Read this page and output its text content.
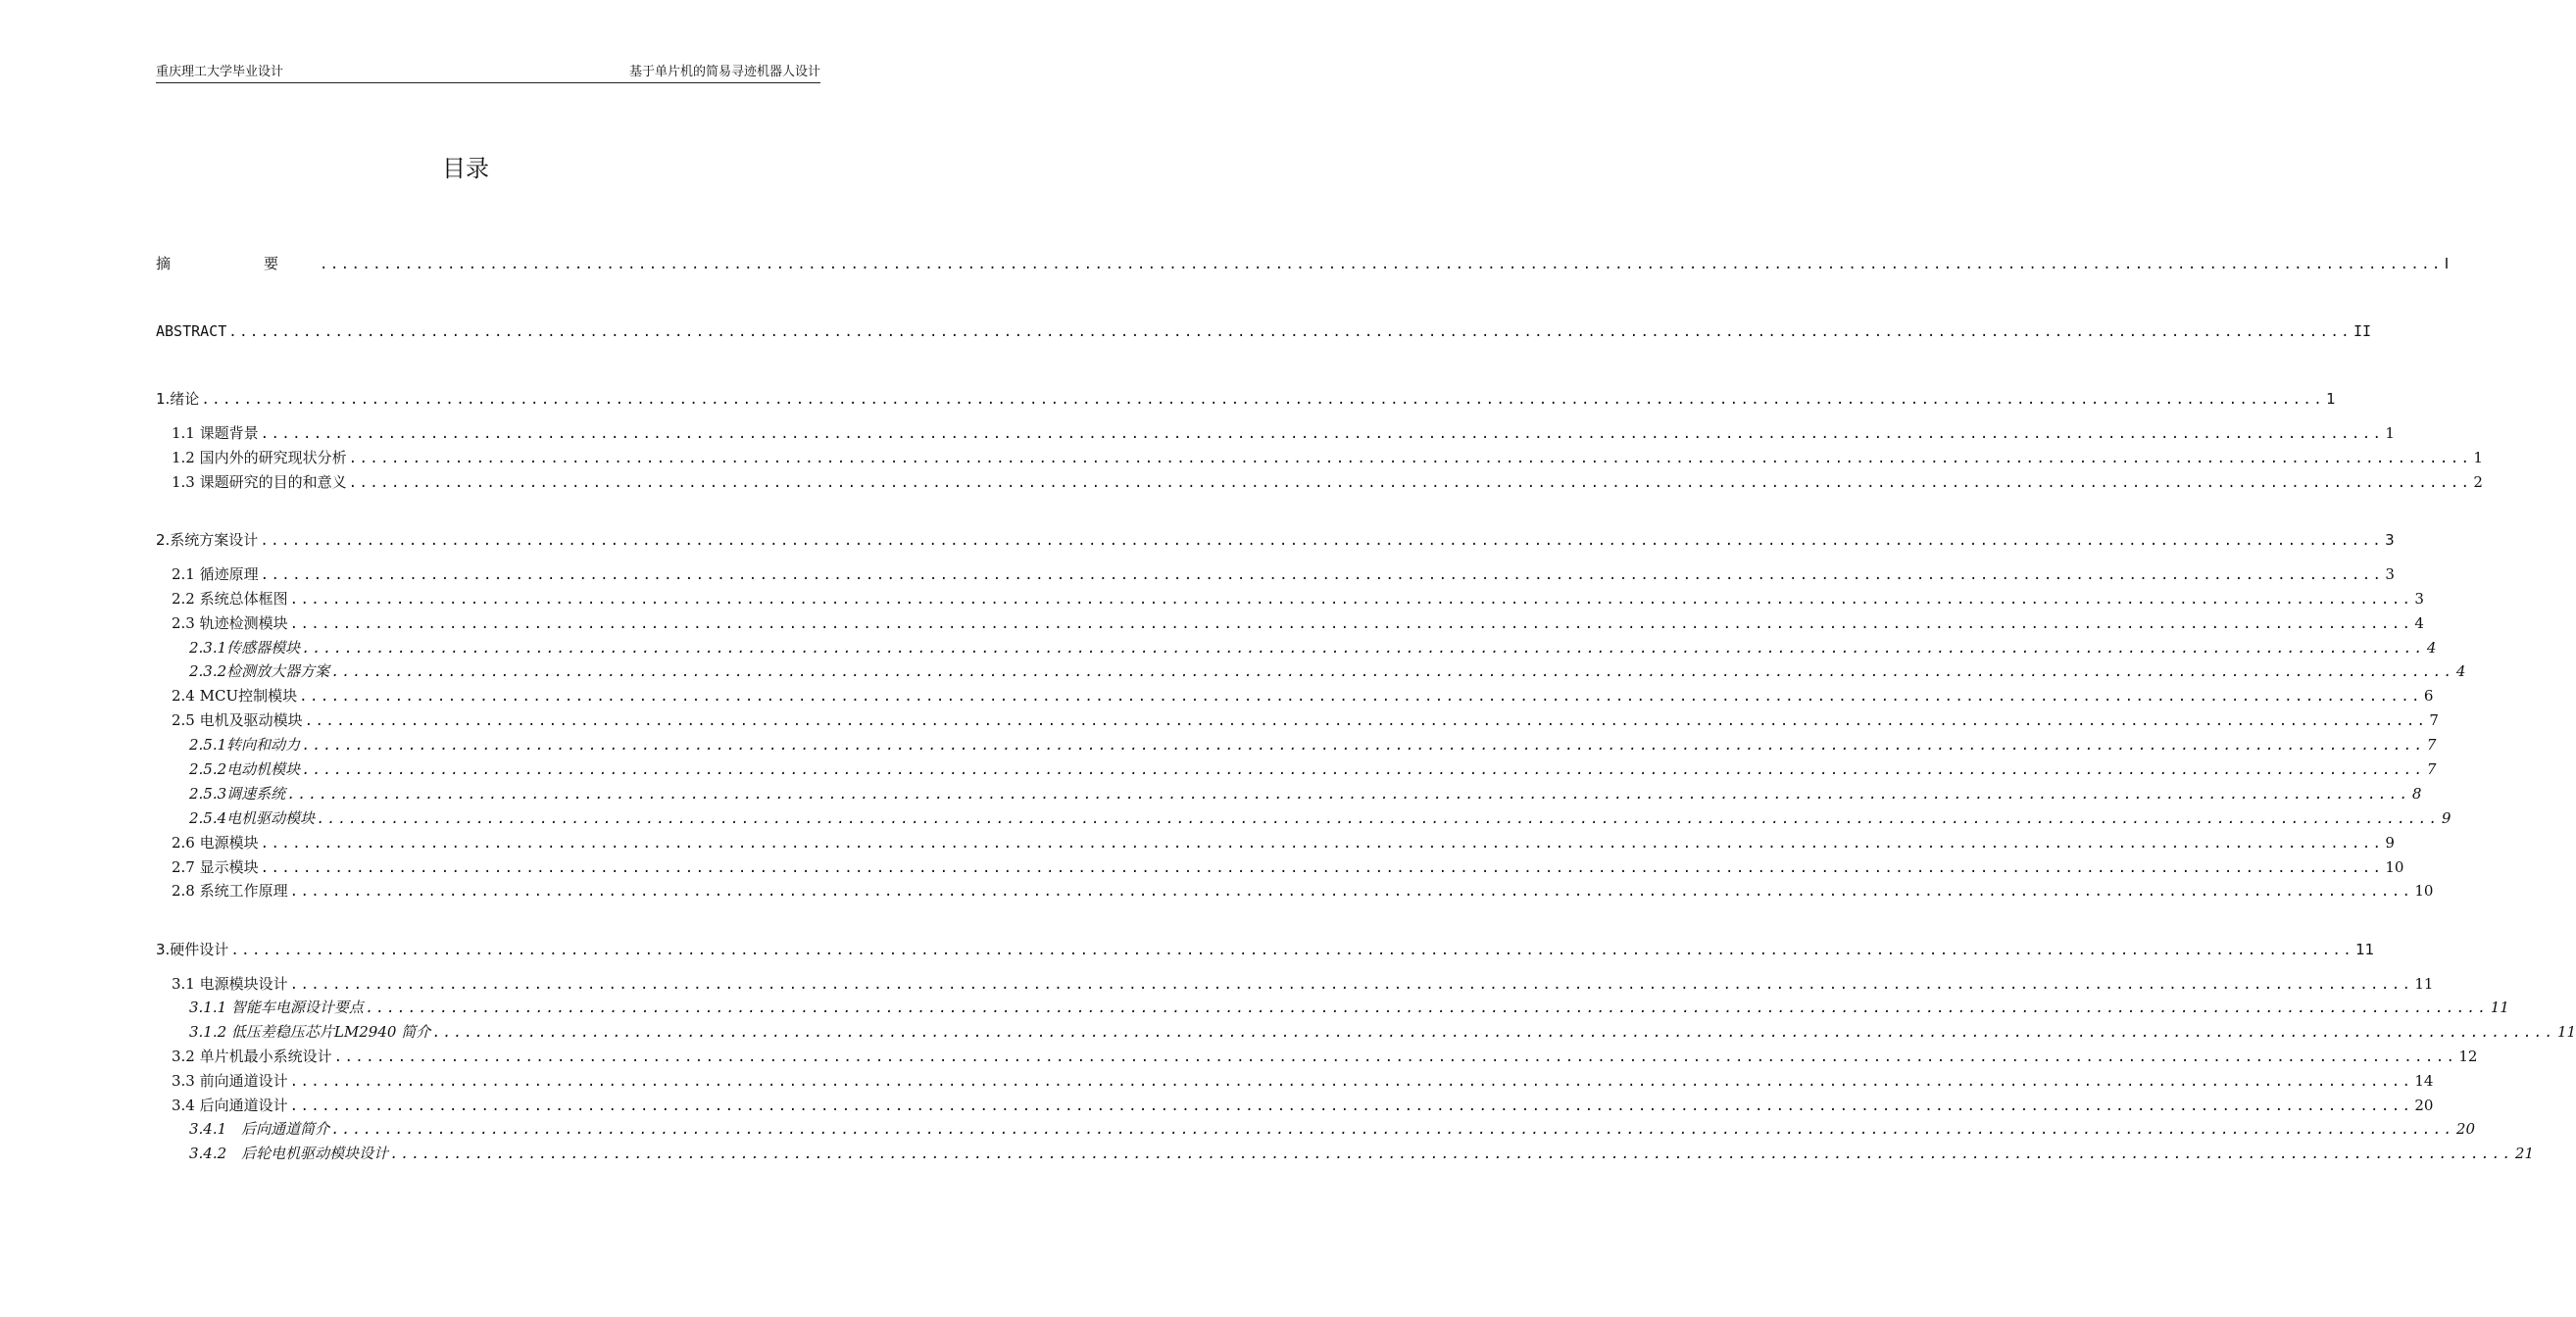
重庆理工大学毕业设计	基于单片机的简易寻迹机器人设计
目录
摘　要 ........................................................................................................................................................................................................ I
ABSTRACT ........................................................................................................................................................................................................ II
1.绪论 ........................................................................................................................................................................................................ 1
1.1 课题背景 ........................................................................................................................................................................................................ 1
1.2 国内外的研究现状分析 ........................................................................................................................................................................................................ 1
1.3 课题研究的目的和意义 ........................................................................................................................................................................................................ 2
2.系统方案设计 ........................................................................................................................................................................................................ 3
2.1 循迹原理 ........................................................................................................................................................................................................ 3
2.2 系统总体框图 ........................................................................................................................................................................................................ 3
2.3 轨迹检测模块 ........................................................................................................................................................................................................ 4
2.3.1传感器模块 ........................................................................................................................................................................................................ 4
2.3.2检测放大器方案 ........................................................................................................................................................................................................ 4
2.4 MCU控制模块 ........................................................................................................................................................................................................ 6
2.5 电机及驱动模块 ........................................................................................................................................................................................................ 7
2.5.1转向和动力 ........................................................................................................................................................................................................ 7
2.5.2电动机模块 ........................................................................................................................................................................................................ 7
2.5.3调速系统 ........................................................................................................................................................................................................ 8
2.5.4电机驱动模块 ........................................................................................................................................................................................................ 9
2.6 电源模块 ........................................................................................................................................................................................................ 9
2.7 显示模块 ........................................................................................................................................................................................................ 10
2.8 系统工作原理 ........................................................................................................................................................................................................ 10
3.硬件设计 ........................................................................................................................................................................................................ 11
3.1 电源模块设计 ........................................................................................................................................................................................................ 11
3.1.1 智能车电源设计要点 ........................................................................................................................................................................................................ 11
3.1.2 低压差稳压芯片LM2940 简介 ........................................................................................................................................................................................................ 11
3.2 单片机最小系统设计 ........................................................................................................................................................................................................ 12
3.3 前向通道设计 ........................................................................................................................................................................................................ 14
3.4 后向通道设计 ........................................................................................................................................................................................................ 20
3.4.1　后向通道简介 ........................................................................................................................................................................................................ 20
3.4.2　后轮电机驱动模块设计 ........................................................................................................................................................................................................ 21
